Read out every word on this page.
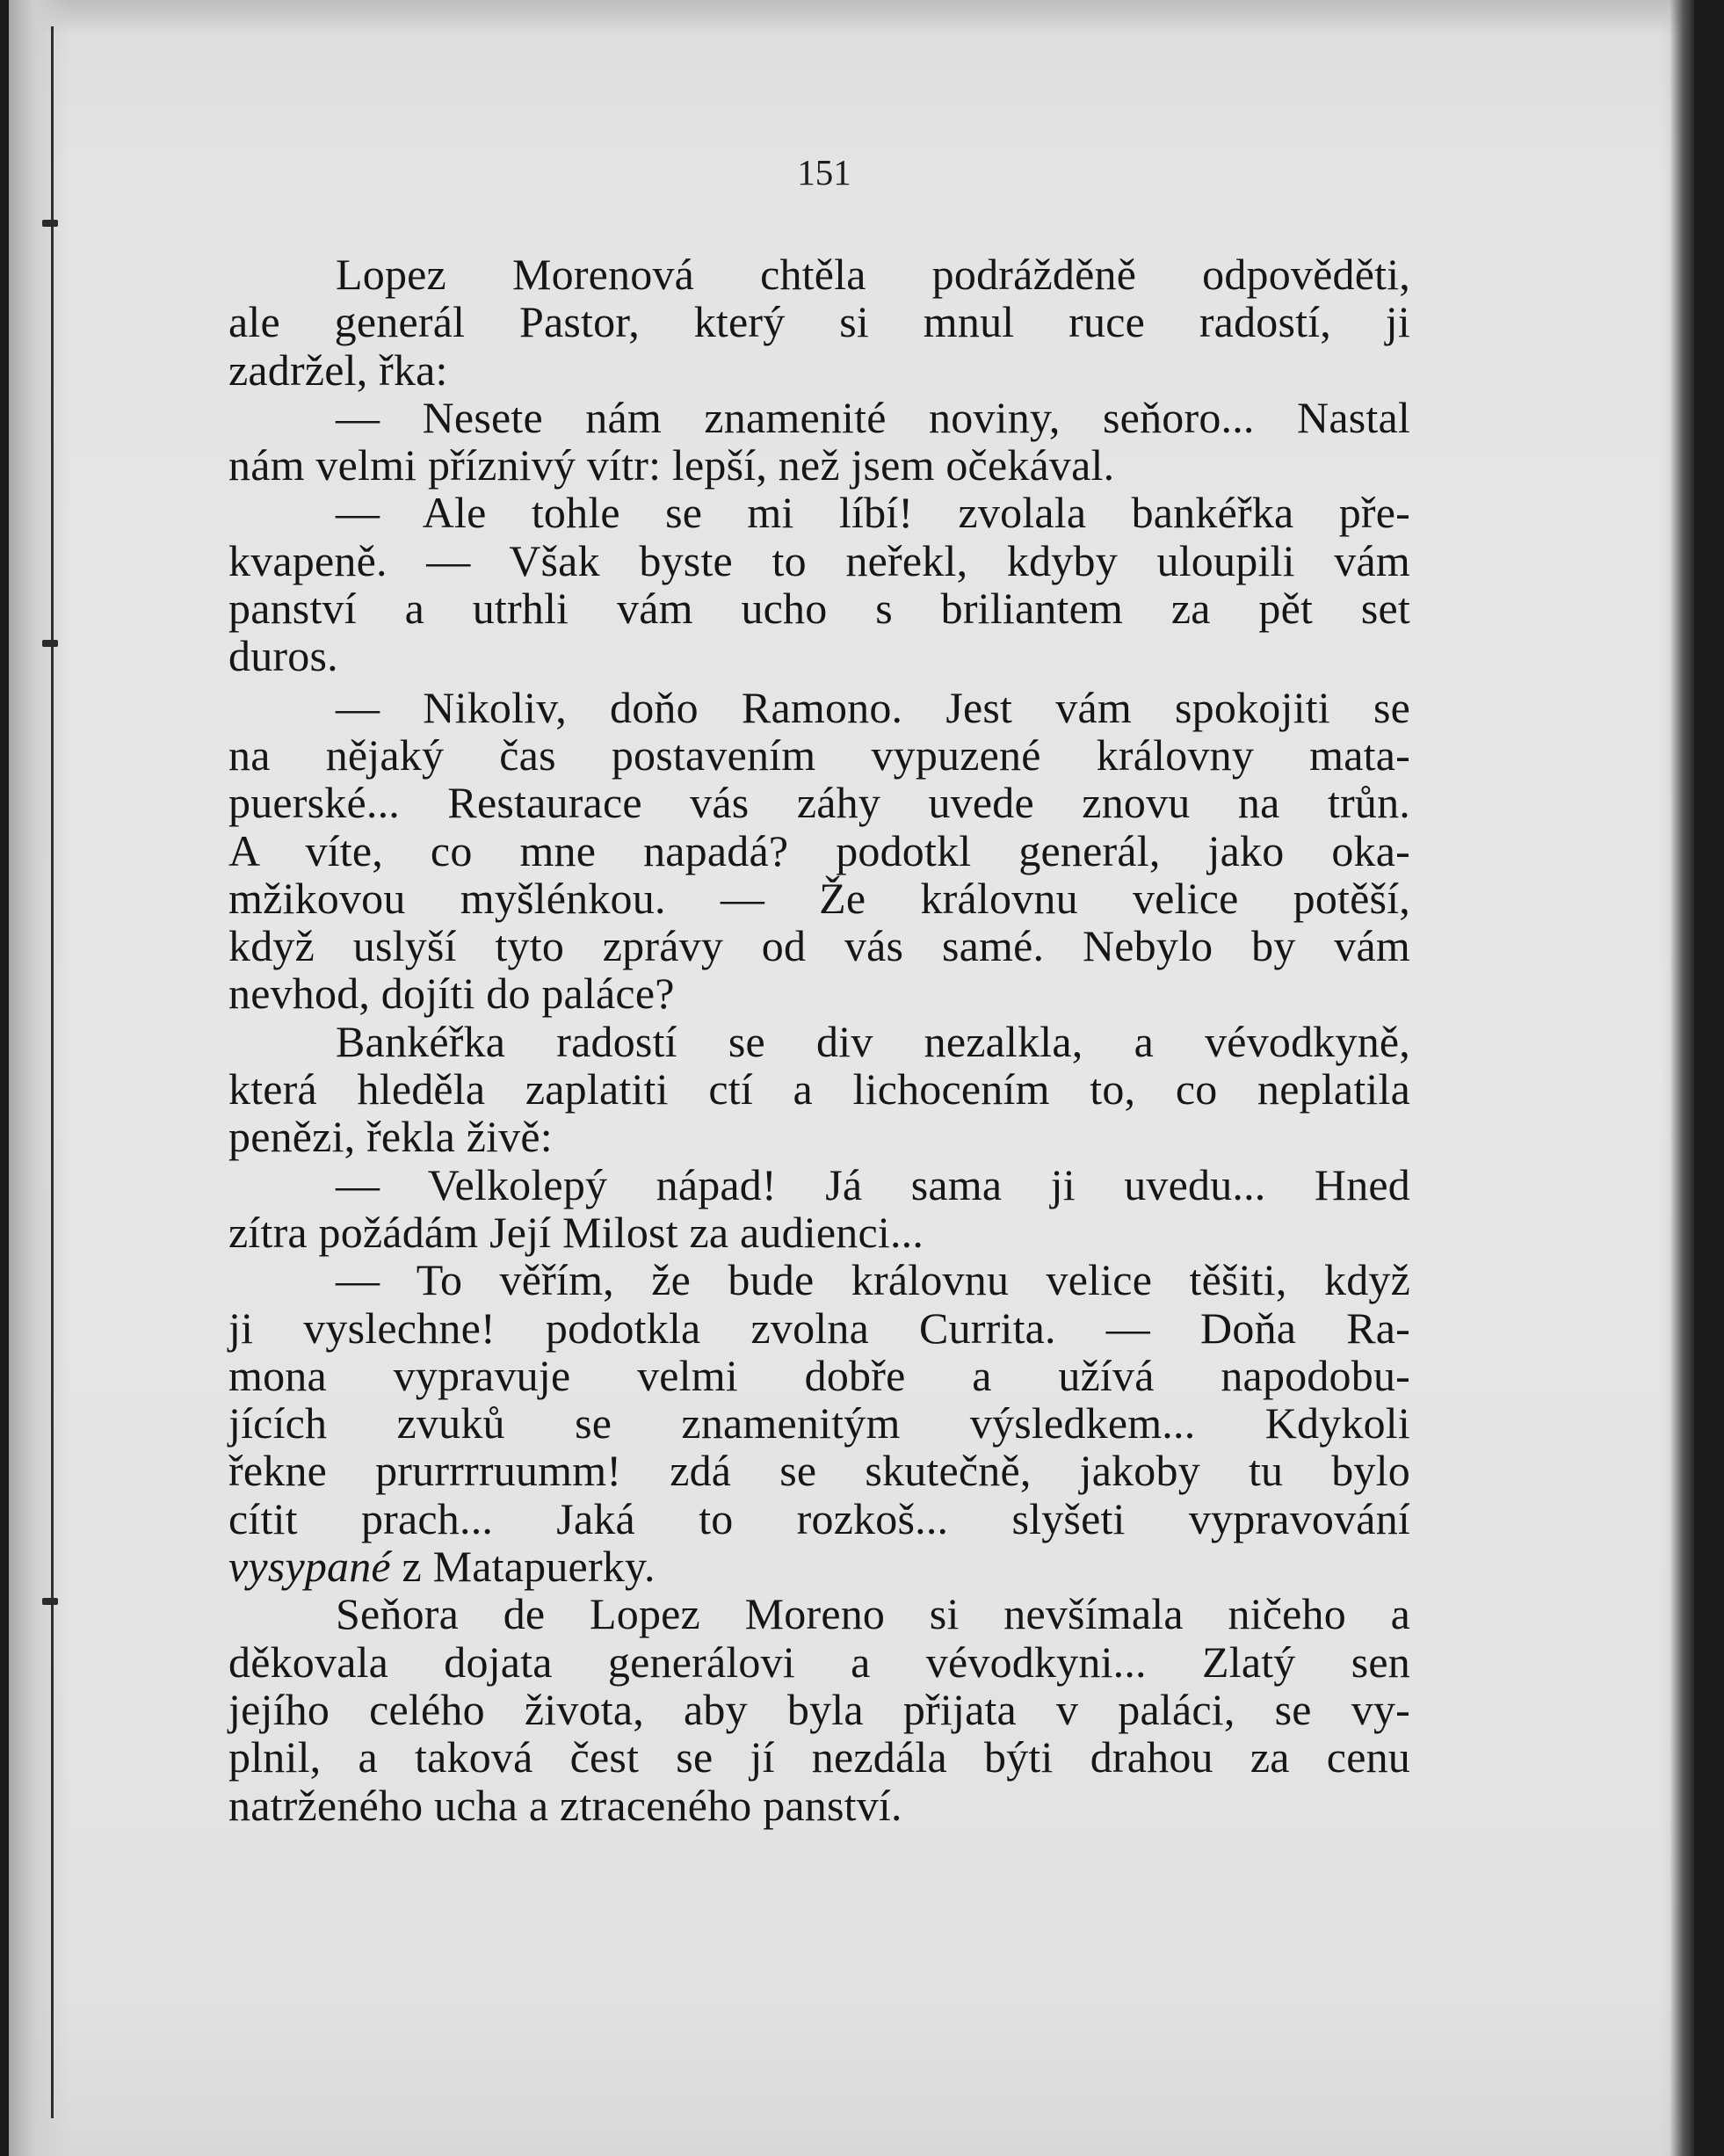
151
Lopez Morenová chtěla podrážděně odpověděti,
ale generál Pastor, který si mnul ruce radostí, ji
zadržel, řka:
— Nesete nám znamenité noviny, seňoro... Nastal
nám velmi příznivý vítr: lepší, než jsem očekával.
— Ale tohle se mi líbí! zvolala bankéřka pře-
kvapeně. — Však byste to neřekl, kdyby uloupili vám
panství a utrhli vám ucho s briliantem za pět set
duros.
— Nikoliv, doňo Ramono. Jest vám spokojiti se
na nějaký čas postavením vypuzené královny mata-
puerské... Restaurace vás záhy uvede znovu na trůn.
A víte, co mne napadá? podotkl generál, jako oka-
mžikovou myšlénkou. — Že královnu velice potěší,
když uslyší tyto zprávy od vás samé. Nebylo by vám
nevhod, dojíti do paláce?
Bankéřka radostí se div nezalkla, a vévodkyně,
která hleděla zaplatiti ctí a lichocením to, co neplatila
penězi, řekla živě:
— Velkolepý nápad! Já sama ji uvedu... Hned
zítra požádám Její Milost za audienci...
— To věřím, že bude královnu velice těšiti, když
ji vyslechne! podotkla zvolna Currita. — Doňa Ra-
mona vypravuje velmi dobře a užívá napodobu-
jících zvuků se znamenitým výsledkem... Kdykoli
řekne prurrrruumm! zdá se skutečně, jakoby tu bylo
cítit prach... Jaká to rozkoš... slyšeti vypravování
vysypané z Matapuerky.
Seňora de Lopez Moreno si nevšímala ničeho a
děkovala dojata generálovi a vévodkyni... Zlatý sen
jejího celého života, aby byla přijata v paláci, se vy-
plnil, a taková čest se jí nezdála býti drahou za cenu
natrženého ucha a ztraceného panství.
